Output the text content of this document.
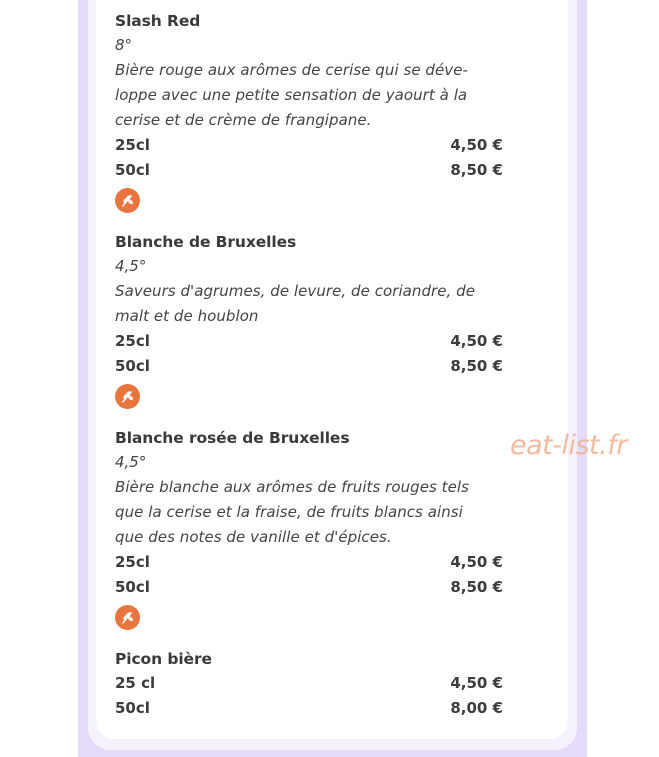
Slash Red
8°
Bière rouge aux arômes de cerise qui se déve-
loppe avec une petite sensation de yaourt à la
cerise et de crème de frangipane.
25cl	4,50 €
50cl	8,50 €
Blanche de Bruxelles
4,5°
Saveurs d'agrumes, de levure, de coriandre, de
malt et de houblon
25cl	4,50 €
50cl	8,50 €
Blanche rosée de Bruxelles
4,5°
Bière blanche aux arômes de fruits rouges tels
que la cerise et la fraise, de fruits blancs ainsi
que des notes de vanille et d'épices.
25cl	4,50 €
50cl	8,50 €
Picon bière
25 cl	4,50 €
50cl	8,00 €
eat-list.fr
